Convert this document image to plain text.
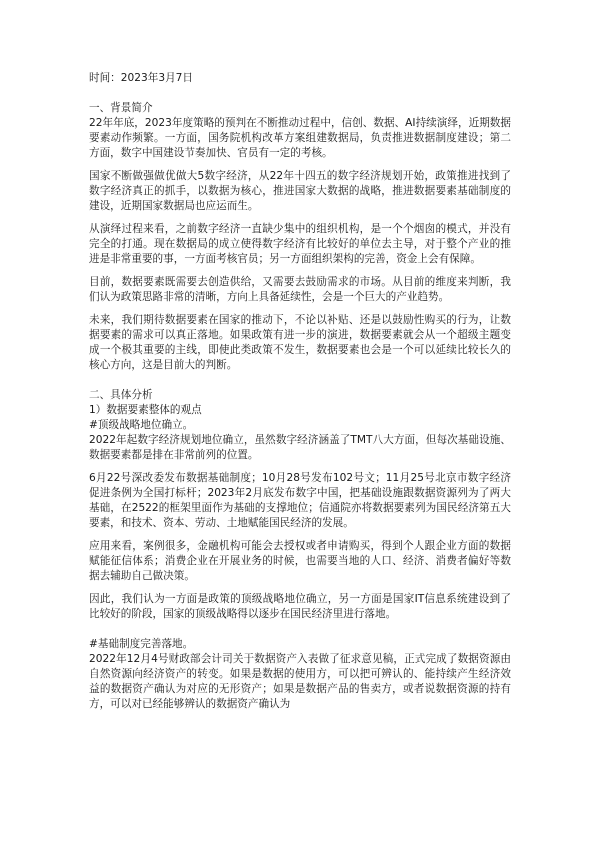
时间：2023年3月7日

一、背景简介

22年年底，2023年度策略的预判在不断推动过程中，信创、数据、AI持续演绎，近期数据要素动作频繁。一方面，国务院机构改革方案组建数据局，负责推进数据制度建设；第二方面，数字中国建设节奏加快、官员有一定的考核。

国家不断做强做优做大5数字经济，从22年十四五的数字经济规划开始，政策推进找到了数字经济真正的抓手，以数据为核心，推进国家大数据的战略，推进数据要素基础制度的建设，近期国家数据局也应运而生。

从演绎过程来看，之前数字经济一直缺少集中的组织机构，是一个个烟囱的模式，并没有完全的打通。现在数据局的成立使得数字经济有比较好的单位去主导，对于整个产业的推进是非常重要的事，一方面考核官员；另一方面组织架构的完善，资金上会有保障。

目前，数据要素既需要去创造供给，又需要去鼓励需求的市场。从目前的维度来判断，我们认为政策思路非常的清晰，方向上具备延续性，会是一个巨大的产业趋势。

未来，我们期待数据要素在国家的推动下，不论以补贴、还是以鼓励性购买的行为，让数据要素的需求可以真正落地。如果政策有进一步的演进，数据要素就会从一个超级主题变成一个极其重要的主线，即使此类政策不发生，数据要素也会是一个可以延续比较长久的核心方向，这是目前大的判断。

二、具体分析

1）数据要素整体的观点

#顶级战略地位确立。

2022年起数字经济规划地位确立，虽然数字经济涵盖了TMT八大方面，但每次基础设施、数据要素都是排在非常前列的位置。

6月22号深改委发布数据基础制度；10月28号发布102号文；11月25号北京市数字经济促进条例为全国打标杆；2023年2月底发布数字中国，把基础设施跟数据资源列为了两大基础，在2522的框架里面作为基础的支撑地位；信通院亦将数据要素列为国民经济第五大要素，和技术、资本、劳动、土地赋能国民经济的发展。

应用来看，案例很多，金融机构可能会去授权或者申请购买，得到个人跟企业方面的数据赋能征信体系；消费企业在开展业务的时候，也需要当地的人口、经济、消费者偏好等数据去辅助自己做决策。

因此，我们认为一方面是政策的顶级战略地位确立，另一方面是国家IT信息系统建设到了比较好的阶段，国家的顶级战略得以逐步在国民经济里进行落地。

#基础制度完善落地。

2022年12月4号财政部会计司关于数据资产入表做了征求意见稿，正式完成了数据资源由自然资源向经济资产的转变。如果是数据的使用方，可以把可辨认的、能持续产生经济效益的数据资产确认为对应的无形资产；如果是数据产品的售卖方，或者说数据资源的持有方，可以对已经能够辨认的数据资产确认为
